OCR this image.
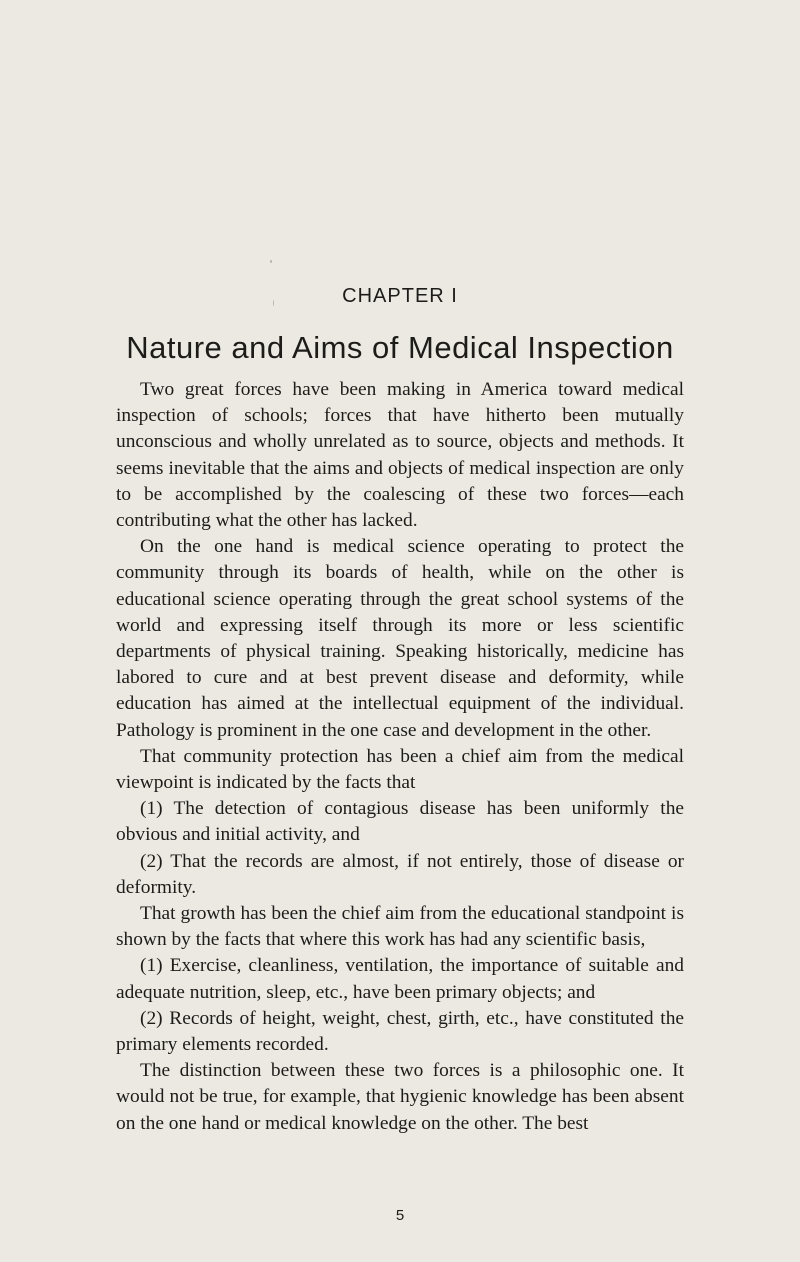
CHAPTER I
Nature and Aims of Medical Inspection

Two great forces have been making in America toward medical inspection of schools; forces that have hitherto been mutually unconscious and wholly unrelated as to source, objects and methods. It seems inevitable that the aims and objects of medical inspection are only to be accomplished by the coalescing of these two forces—each contributing what the other has lacked.

On the one hand is medical science operating to protect the community through its boards of health, while on the other is educational science operating through the great school systems of the world and expressing itself through its more or less scientific departments of physical training. Speaking historically, medicine has labored to cure and at best prevent disease and deformity, while education has aimed at the intellectual equipment of the individual. Pathology is prominent in the one case and development in the other.

That community protection has been a chief aim from the medical viewpoint is indicated by the facts that

(1) The detection of contagious disease has been uniformly the obvious and initial activity, and

(2) That the records are almost, if not entirely, those of disease or deformity.

That growth has been the chief aim from the educational standpoint is shown by the facts that where this work has had any scientific basis,

(1) Exercise, cleanliness, ventilation, the importance of suitable and adequate nutrition, sleep, etc., have been primary objects; and

(2) Records of height, weight, chest, girth, etc., have constituted the primary elements recorded.

The distinction between these two forces is a philosophic one. It would not be true, for example, that hygienic knowledge has been absent on the one hand or medical knowledge on the other. The best

5
